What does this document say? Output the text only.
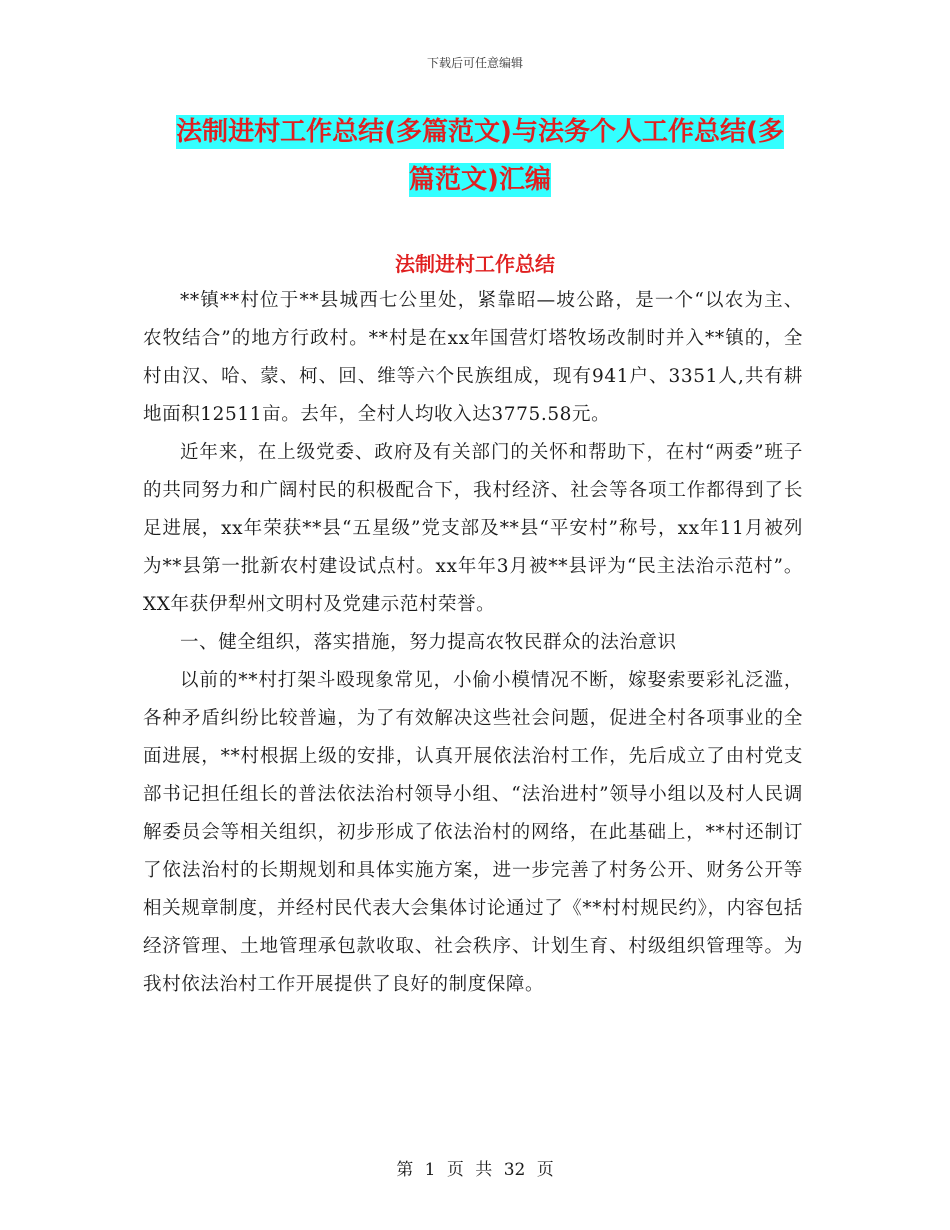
下载后可任意编辑
法制进村工作总结(多篇范文)与法务个人工作总结(多
篇范文)汇编
法制进村工作总结

**镇**村位于**县城西七公里处，紧靠昭—坡公路，是一个“以农为主、农牧结合”的地方行政村。**村是在xx年国营灯塔牧场改制时并入**镇的，全村由汉、哈、蒙、柯、回、维等六个民族组成，现有941户、3351人,共有耕地面积12511亩。去年，全村人均收入达3775.58元。

近年来，在上级党委、政府及有关部门的关怀和帮助下，在村“两委”班子的共同努力和广阔村民的积极配合下，我村经济、社会等各项工作都得到了长足进展，xx年荣获**县“五星级”党支部及**县“平安村”称号，xx年11月被列为**县第一批新农村建设试点村。xx年年3月被**县评为“民主法治示范村”。XX年获伊犁州文明村及党建示范村荣誉。

一、健全组织，落实措施，努力提高农牧民群众的法治意识

以前的**村打架斗殴现象常见，小偷小模情况不断，嫁娶索要彩礼泛滥，各种矛盾纠纷比较普遍，为了有效解决这些社会问题，促进全村各项事业的全面进展，**村根据上级的安排，认真开展依法治村工作，先后成立了由村党支部书记担任组长的普法依法治村领导小组、“法治进村”领导小组以及村人民调解委员会等相关组织，初步形成了依法治村的网络，在此基础上，**村还制订了依法治村的长期规划和具体实施方案，进一步完善了村务公开、财务公开等相关规章制度，并经村民代表大会集体讨论通过了《**村村规民约》，内容包括经济管理、土地管理承包款收取、社会秩序、计划生育、村级组织管理等。为我村依法治村工作开展提供了良好的制度保障。

第 1 页 共 32 页
